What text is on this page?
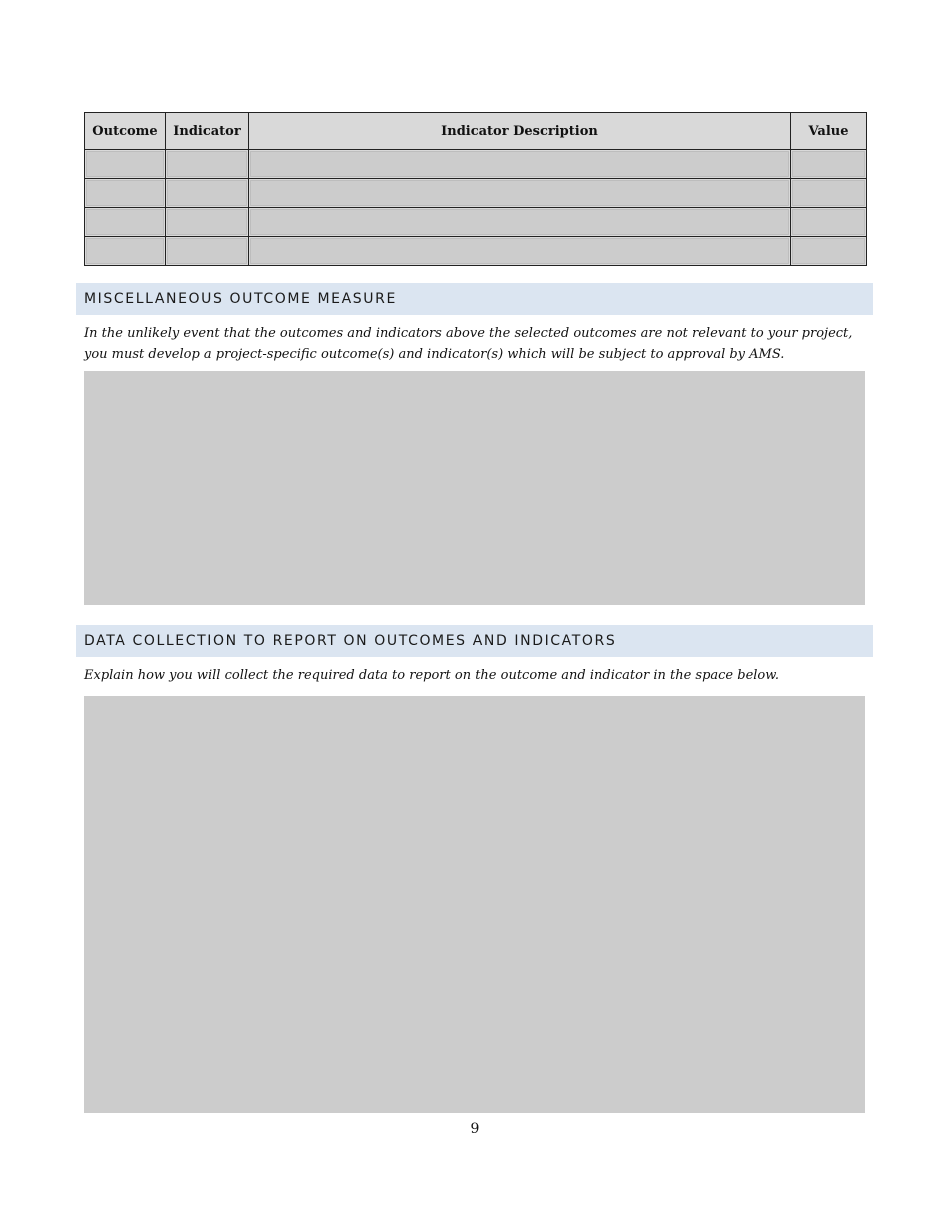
Outcome	Indicator	Indicator Description	Value

MISCELLANEOUS OUTCOME MEASURE
In the unlikely event that the outcomes and indicators above the selected outcomes are not relevant to your project, you must develop a project-specific outcome(s) and indicator(s) which will be subject to approval by AMS.
DATA COLLECTION TO REPORT ON OUTCOMES AND INDICATORS
Explain how you will collect the required data to report on the outcome and indicator in the space below.
9
